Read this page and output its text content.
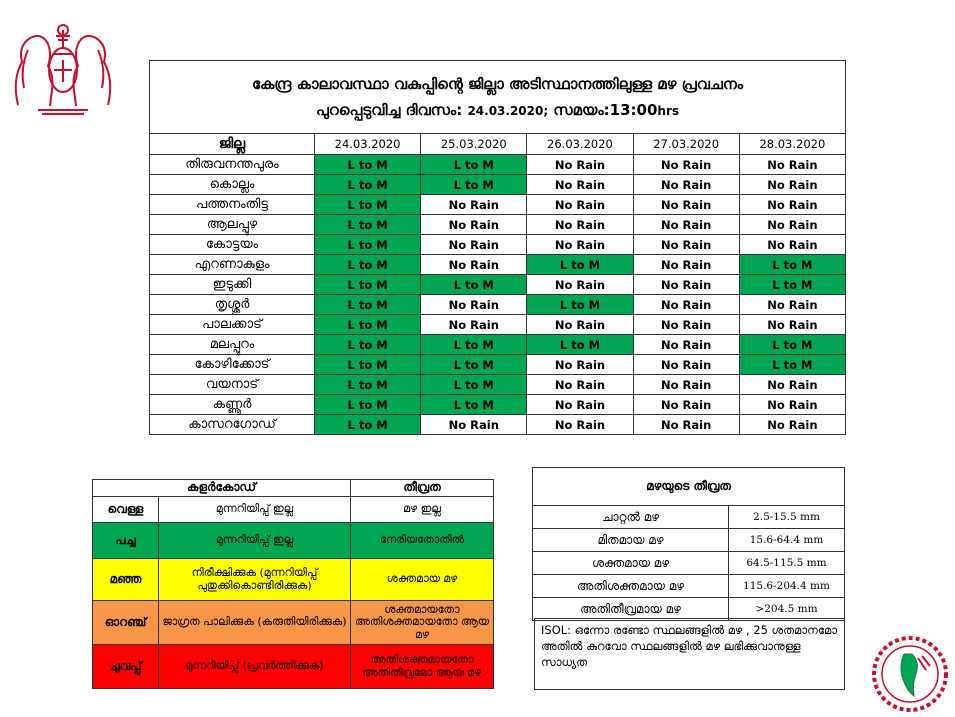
കേന്ദ്ര കാലാവസ്ഥാ വകുപ്പിന്റെ ജില്ലാ അടിസ്ഥാനത്തിലുള്ള മഴ പ്രവചനം
പുറപ്പെടുവിച്ച ദിവസം: 24.03.2020; സമയം:13:00hrs
ജില്ല	24.03.2020	25.03.2020	26.03.2020	27.03.2020	28.03.2020
തിരുവനന്തപുരം	L to M	L to M	No Rain	No Rain	No Rain
കൊല്ലം	L to M	L to M	No Rain	No Rain	No Rain
പത്തനംതിട്ട	L to M	No Rain	No Rain	No Rain	No Rain
ആലപ്പുഴ	L to M	No Rain	No Rain	No Rain	No Rain
കോട്ടയം	L to M	No Rain	No Rain	No Rain	No Rain
എറണാകുളം	L to M	No Rain	L to M	No Rain	L to M
ഇടുക്കി	L to M	L to M	No Rain	No Rain	L to M
തൃശ്ശൂർ	L to M	No Rain	L to M	No Rain	No Rain
പാലക്കാട്	L to M	No Rain	No Rain	No Rain	No Rain
മലപ്പുറം	L to M	L to M	L to M	No Rain	L to M
കോഴിക്കോട്	L to M	L to M	No Rain	No Rain	L to M
വയനാട്	L to M	L to M	No Rain	No Rain	No Rain
കണ്ണൂർ	L to M	L to M	No Rain	No Rain	No Rain
കാസറഗോഡ്	L to M	No Rain	No Rain	No Rain	No Rain
കളർകോഡ്		തീവ്രത
വെള്ള	മുന്നറിയിപ്പ് ഇല്ല	മഴ ഇല്ല
പച്ച	മുന്നറിയിപ്പ് ഇല്ല	നേരിയതോതിൽ
മഞ്ഞ	നിരീക്ഷിക്കുക (മുന്നറിയിപ്പ് പുതുക്കികൊണ്ടിരിക്കുക)	ശക്തമായ മഴ
ഓറഞ്ച്	ജാഗ്രത പാലിക്കുക (കരുതിയിരിക്കുക)	ശക്തമായതോ അതിശക്തമായതോ ആയ മഴ
ചുവപ്പ്	മുന്നറിയിപ്പ് (പ്രവർത്തിക്കുക)	അതിശക്തമായതോ അതിതീവ്രമോ ആയ മഴ
മഴയുടെ തീവ്രത	
ചാറ്റൽ മഴ	2.5-15.5 mm
മിതമായ മഴ	15.6-64.4 mm
ശക്തമായ മഴ	64.5-115.5 mm
അതിശക്തമായ മഴ	115.6-204.4 mm
അതിതീവ്രമായ മഴ	>204.5 mm
ISOL: ഒന്നോ രണ്ടോ സ്ഥലങ്ങളിൽ മഴ , 25 ശതമാനമോ അതിൽ കുറവോ സ്ഥലങ്ങളിൽ മഴ ലഭിക്കുവാനുള്ള സാധ്യത
